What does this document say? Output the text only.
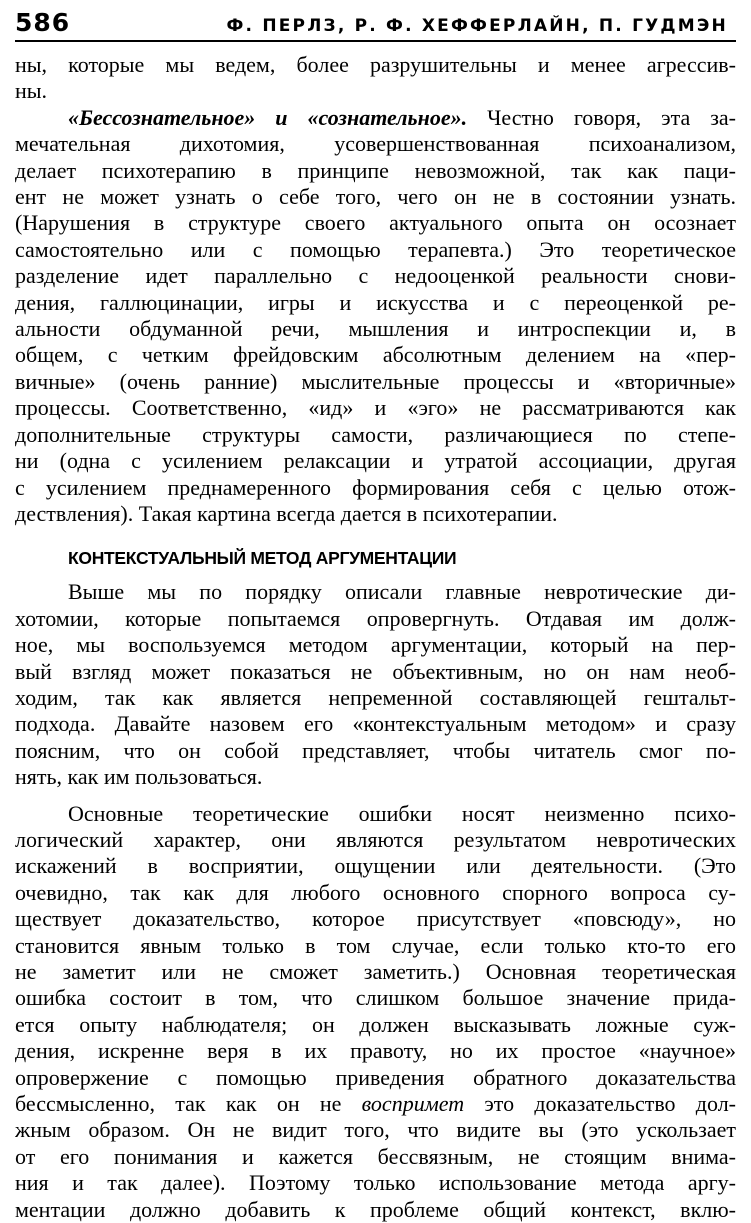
586	Ф. ПЕРЛЗ, Р. Ф. ХЕФФЕРЛАЙН, П. ГУДМЭН

ны, которые мы ведем, более разрушительны и менее агрессив-
ны.

«Бессознательное» и «сознательное». Честно говоря, эта за-
мечательная дихотомия, усовершенствованная психоанализом,
делает психотерапию в принципе невозможной, так как паци-
ент не может узнать о себе того, чего он не в состоянии узнать.
(Нарушения в структуре своего актуального опыта он осознает
самостоятельно или с помощью терапевта.) Это теоретическое
разделение идет параллельно с недооценкой реальности снови-
дения, галлюцинации, игры и искусства и с переоценкой ре-
альности обдуманной речи, мышления и интроспекции и, в
общем, с четким фрейдовским абсолютным делением на «пер-
вичные» (очень ранние) мыслительные процессы и «вторичные»
процессы. Соответственно, «ид» и «эго» не рассматриваются как
дополнительные структуры самости, различающиеся по степе-
ни (одна с усилением релаксации и утратой ассоциации, другая
с усилением преднамеренного формирования себя с целью отож-
дествления). Такая картина всегда дается в психотерапии.

КОНТЕКСТУАЛЬНЫЙ МЕТОД АРГУМЕНТАЦИИ

Выше мы по порядку описали главные невротические ди-
хотомии, которые попытаемся опровергнуть. Отдавая им долж-
ное, мы воспользуемся методом аргументации, который на пер-
вый взгляд может показаться не объективным, но он нам необ-
ходим, так как является непременной составляющей гештальт-
подхода. Давайте назовем его «контекстуальным методом» и сразу
поясним, что он собой представляет, чтобы читатель смог по-
нять, как им пользоваться.

Основные теоретические ошибки носят неизменно психо-
логический характер, они являются результатом невротических
искажений в восприятии, ощущении или деятельности. (Это
очевидно, так как для любого основного спорного вопроса су-
ществует доказательство, которое присутствует «повсюду», но
становится явным только в том случае, если только кто-то его
не заметит или не сможет заметить.) Основная теоретическая
ошибка состоит в том, что слишком большое значение прида-
ется опыту наблюдателя; он должен высказывать ложные суж-
дения, искренне веря в их правоту, но их простое «научное»
опровержение с помощью приведения обратного доказательства
бессмысленно, так как он не воспримет это доказательство дол-
жным образом. Он не видит того, что видите вы (это ускользает
от его понимания и кажется бессвязным, не стоящим внима-
ния и так далее). Поэтому только использование метода аргу-
ментации должно добавить к проблеме общий контекст, вклю-
